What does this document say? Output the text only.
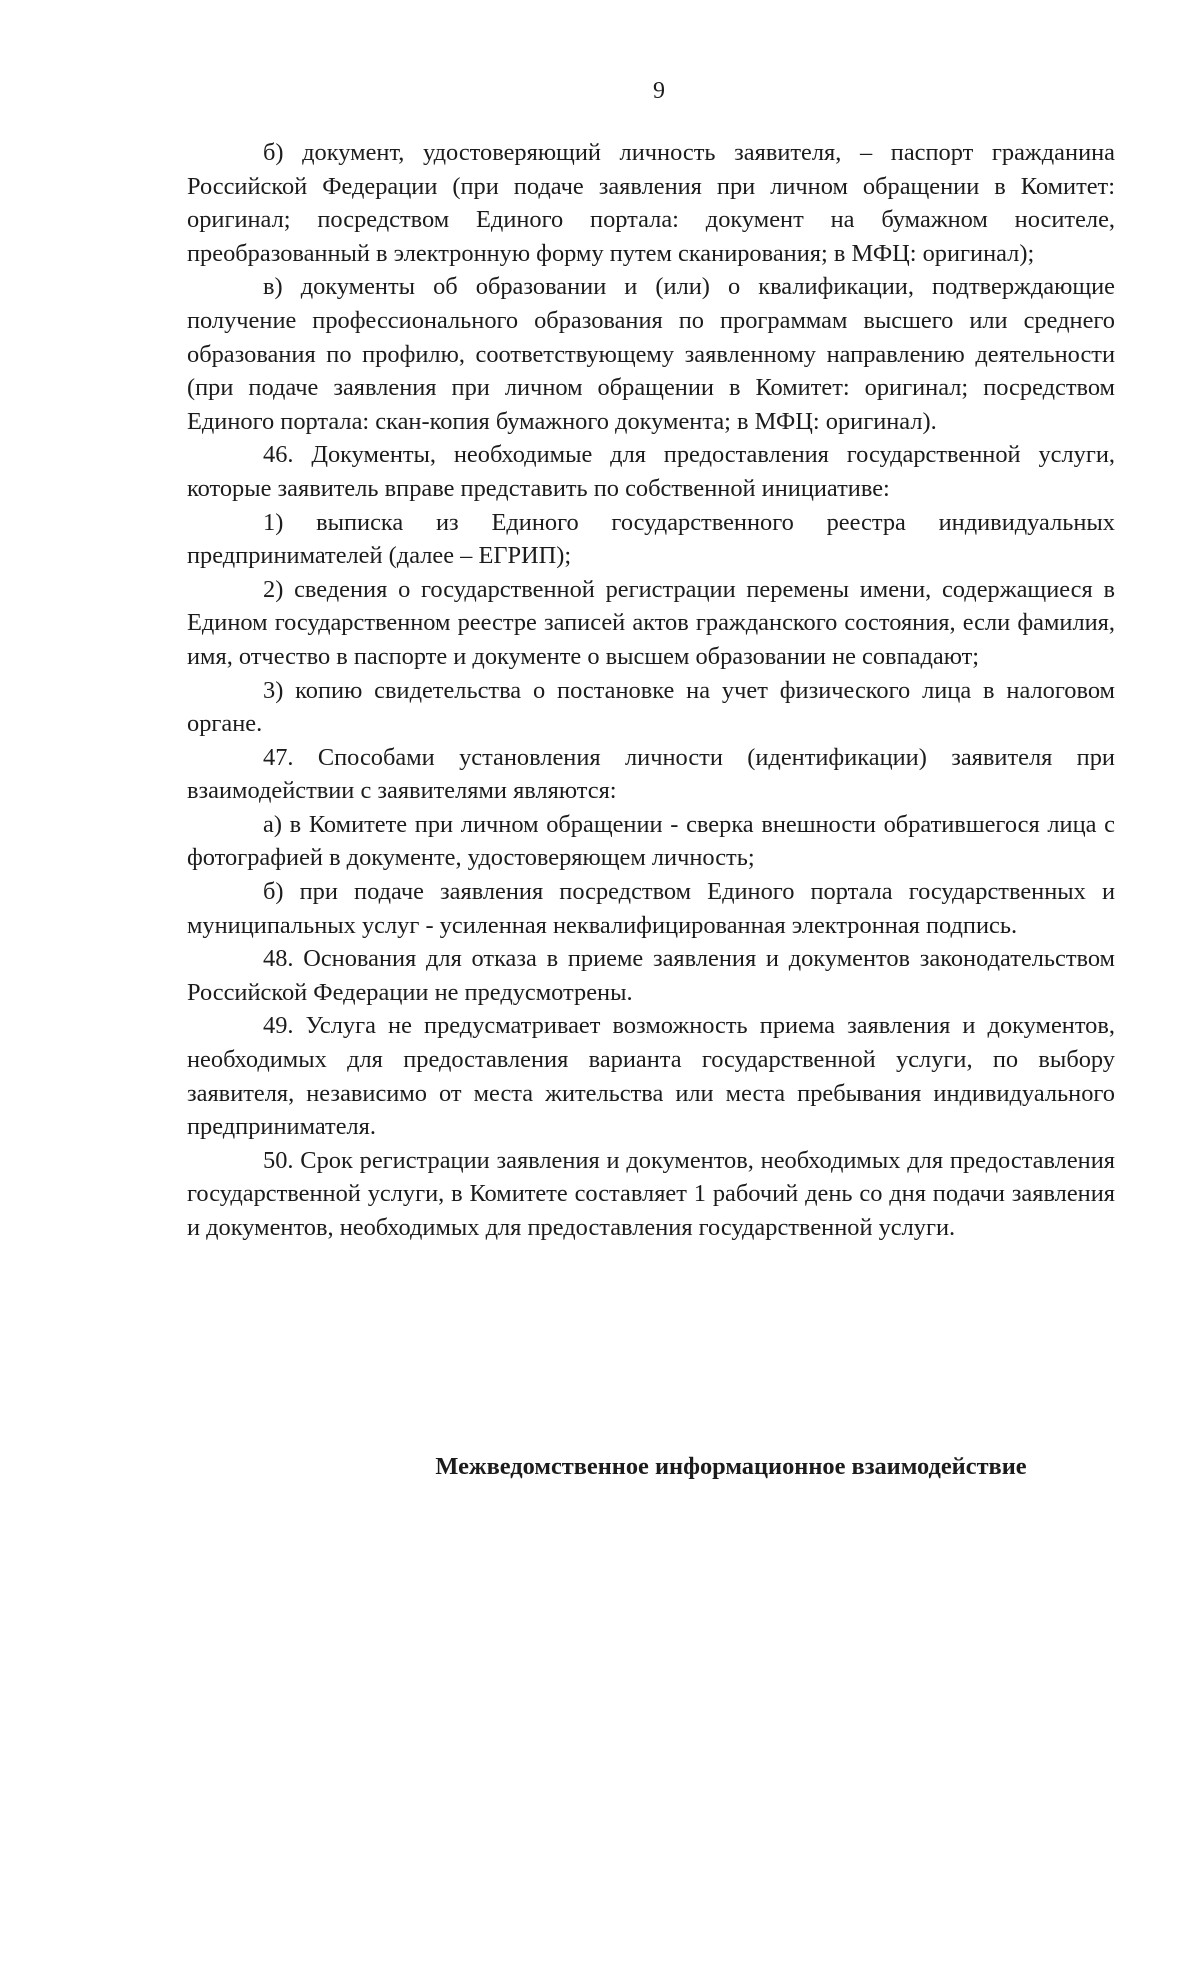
9

б) документ, удостоверяющий личность заявителя, – паспорт гражданина Российской Федерации (при подаче заявления при личном обращении в Комитет: оригинал; посредством Единого портала: документ на бумажном носителе, преобразованный в электронную форму путем сканирования; в МФЦ: оригинал);

в) документы об образовании и (или) о квалификации, подтверждающие получение профессионального образования по программам высшего или среднего образования по профилю, соответствующему заявленному направлению деятельности (при подаче заявления при личном обращении в Комитет: оригинал; посредством Единого портала: скан-копия бумажного документа; в МФЦ: оригинал).

46. Документы, необходимые для предоставления государственной услуги, которые заявитель вправе представить по собственной инициативе:

1) выписка из Единого государственного реестра индивидуальных предпринимателей (далее – ЕГРИП);

2) сведения о государственной регистрации перемены имени, содержащиеся в Едином государственном реестре записей актов гражданского состояния, если фамилия, имя, отчество в паспорте и документе о высшем образовании не совпадают;

3) копию свидетельства о постановке на учет физического лица в налоговом органе.

47. Способами установления личности (идентификации) заявителя при взаимодействии с заявителями являются:

а) в Комитете при личном обращении - сверка внешности обратившегося лица с фотографией в документе, удостоверяющем личность;

б) при подаче заявления посредством Единого портала государственных и муниципальных услуг - усиленная неквалифицированная электронная подпись.

48. Основания для отказа в приеме заявления и документов законодательством Российской Федерации не предусмотрены.

49. Услуга не предусматривает возможность приема заявления и документов, необходимых для предоставления варианта государственной услуги, по выбору заявителя, независимо от места жительства или места пребывания индивидуального предпринимателя.

50. Срок регистрации заявления и документов, необходимых для предоставления государственной услуги, в Комитете составляет 1 рабочий день со дня подачи заявления и документов, необходимых для предоставления государственной услуги.

Межведомственное информационное взаимодействие
